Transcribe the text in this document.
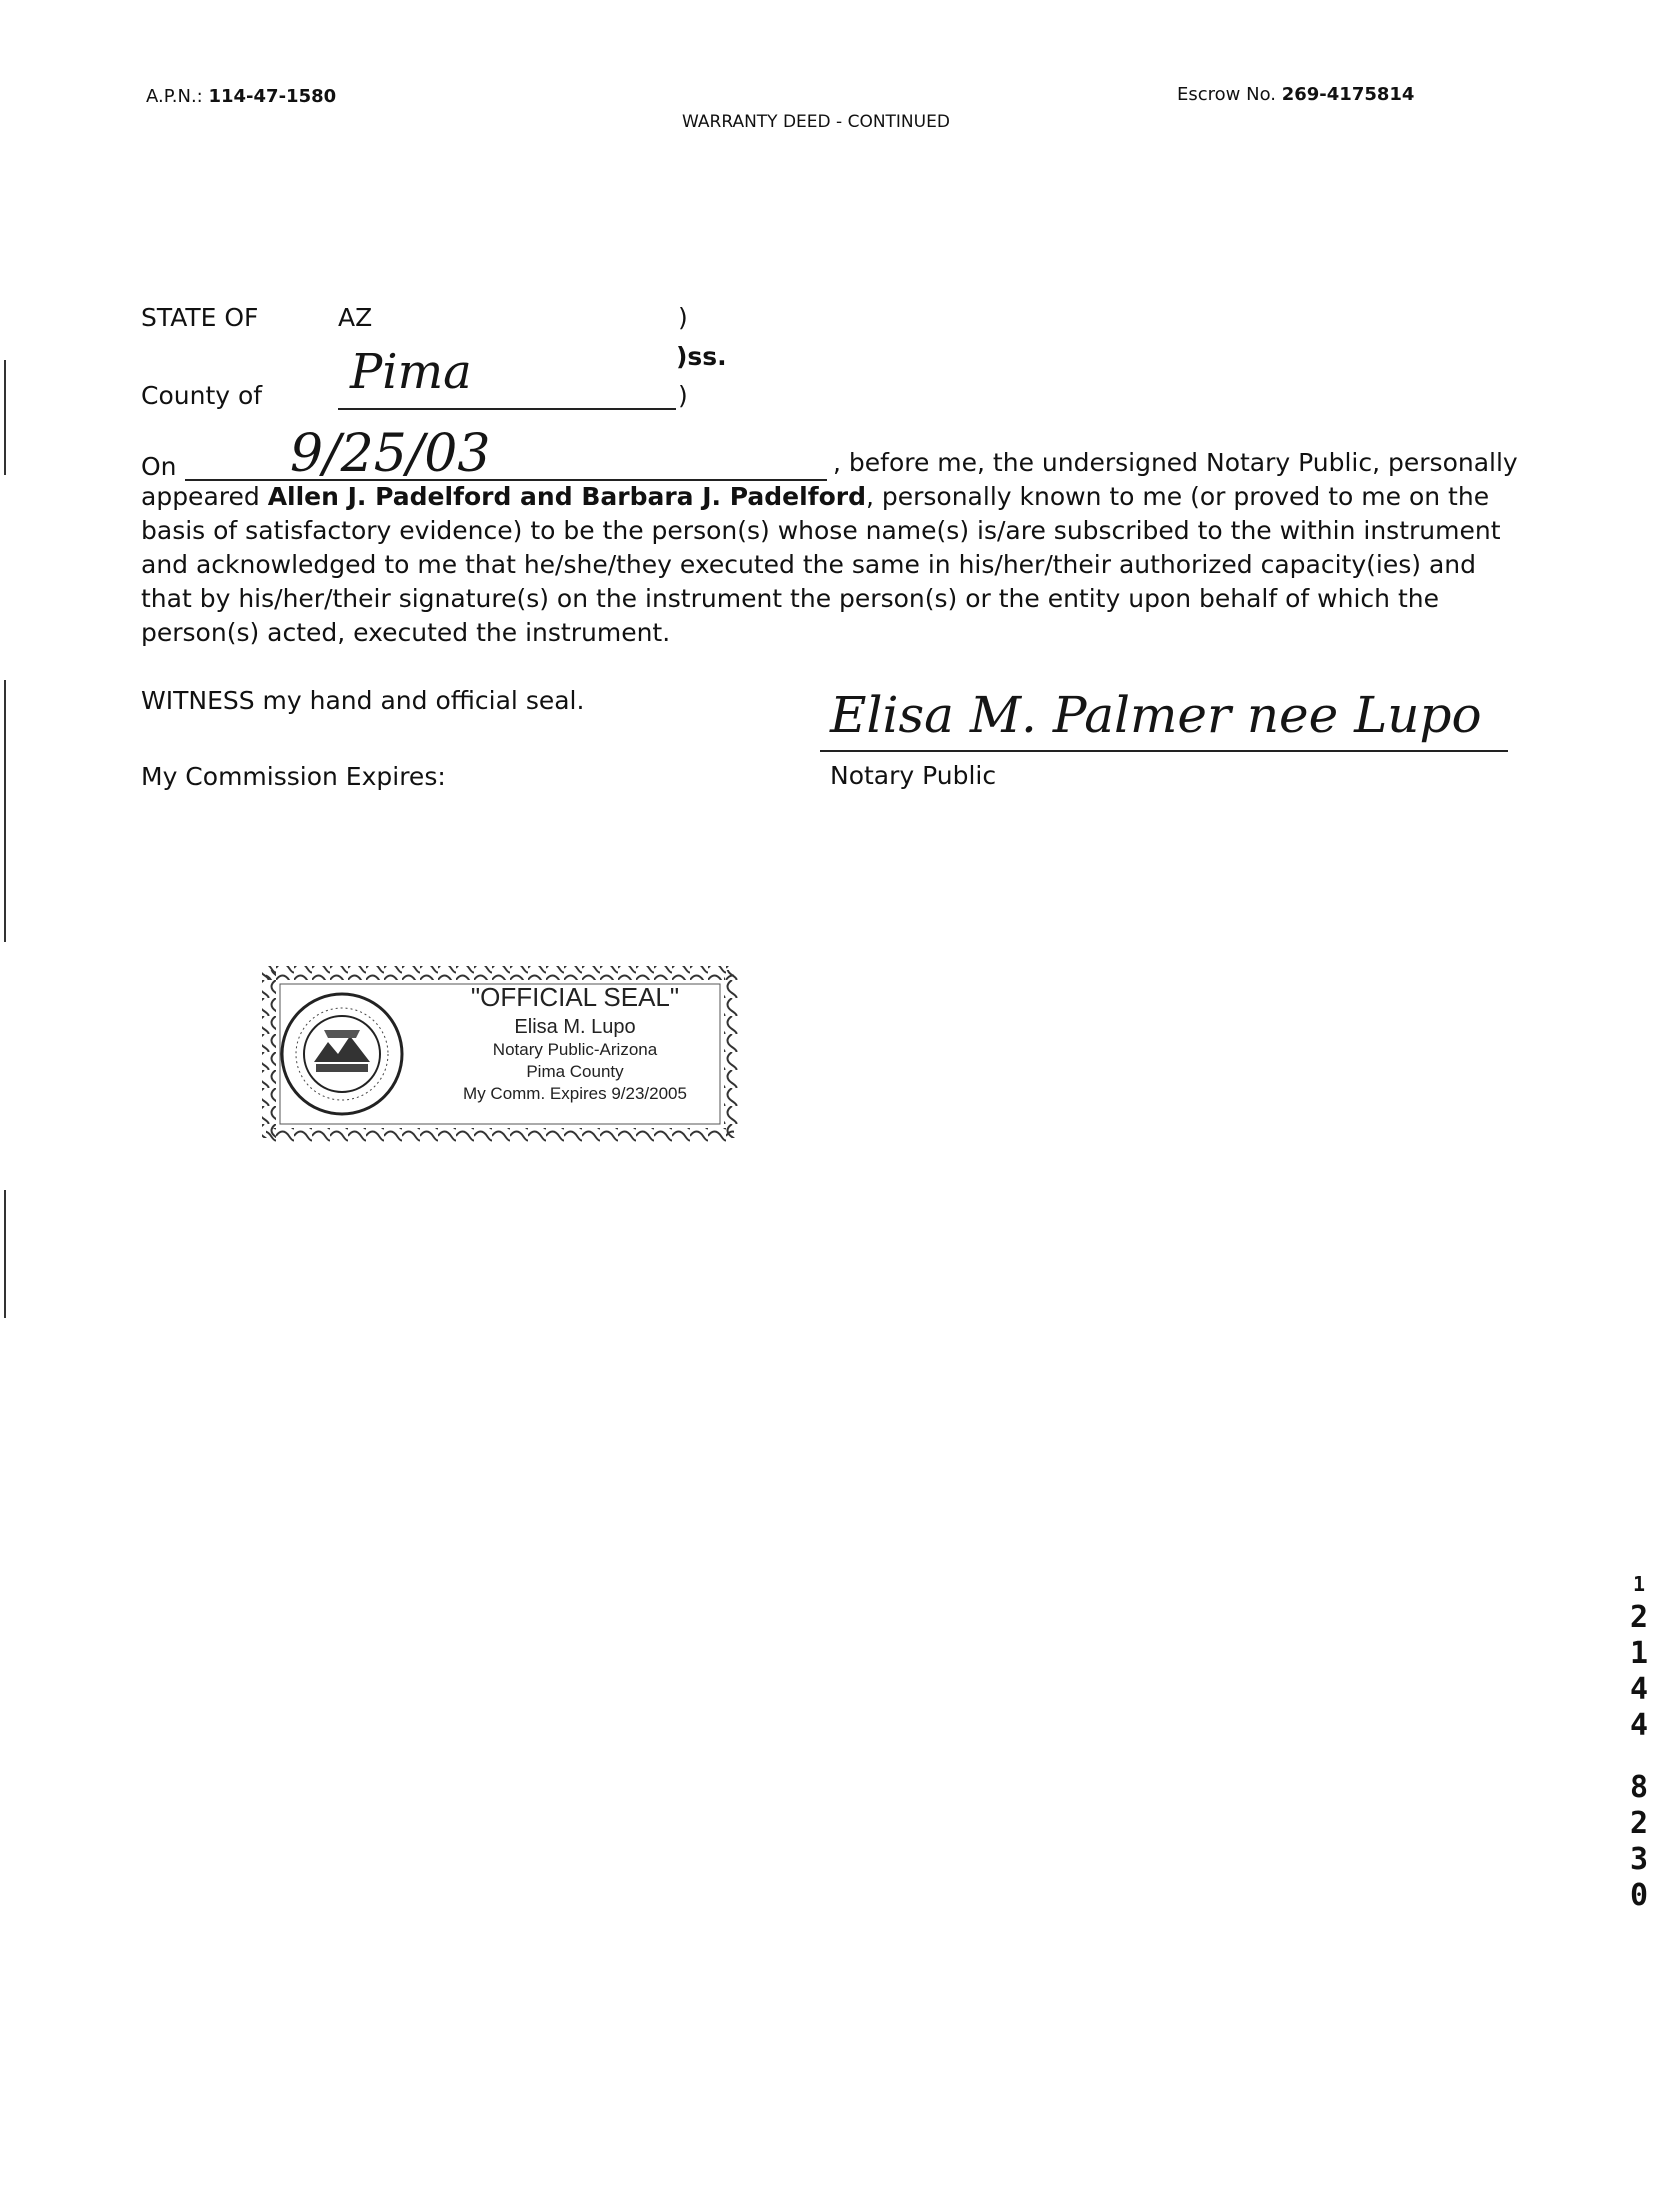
A.P.N.: 114-47-1580	Escrow No. 269-4175814
WARRANTY DEED - CONTINUED
STATE OF	AZ	)
)ss.
County of Pima	)
On 9/25/03	, before me, the undersigned Notary Public, personally appeared Allen J. Padelford and Barbara J. Padelford, personally known to me (or proved to me on the basis of satisfactory evidence) to be the person(s) whose name(s) is/are subscribed to the within instrument and acknowledged to me that he/she/they executed the same in his/her/their authorized capacity(ies) and that by his/her/their signature(s) on the instrument the person(s) or the entity upon behalf of which the person(s) acted, executed the instrument.
WITNESS my hand and official seal.
My Commission Expires:
Elisa M. Palmer nee Lupo
Notary Public
"OFFICIAL SEAL"
Elisa M. Lupo
Notary Public-Arizona
Pima County
My Comm. Expires 9/23/2005
1
2
1
4
4
8
2
3
0
